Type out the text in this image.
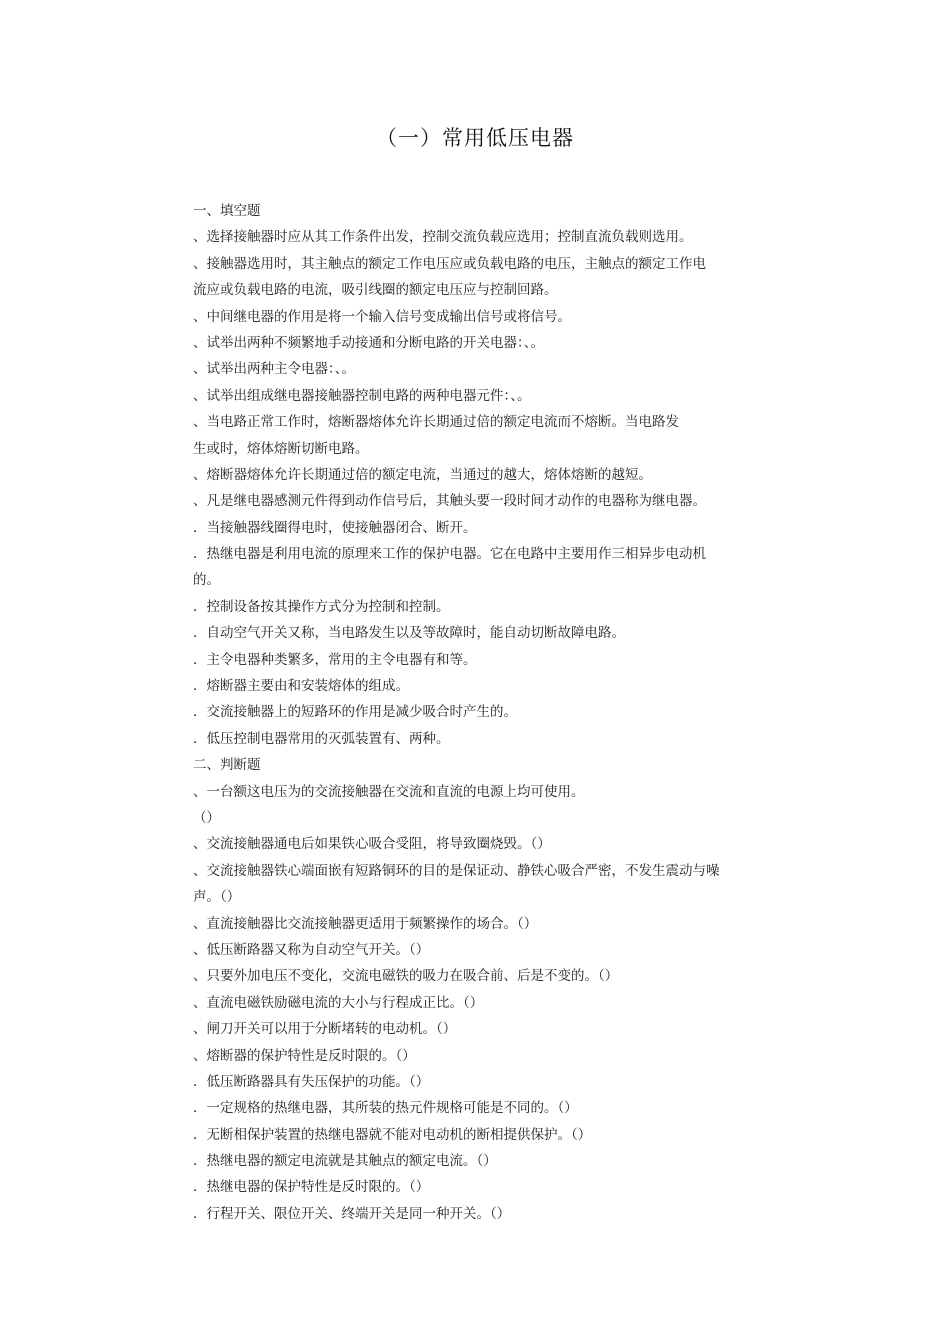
（一）常用低压电器
一、填空题
、选择接触器时应从其工作条件出发，控制交流负载应选用；控制直流负载则选用。
、接触器选用时，其主触点的额定工作电压应或负载电路的电压，主触点的额定工作电
流应或负载电路的电流，吸引线圈的额定电压应与控制回路。
、中间继电器的作用是将一个输入信号变成输出信号或将信号。
、试举出两种不频繁地手动接通和分断电路的开关电器：、。
、试举出两种主令电器：、。
、试举出组成继电器接触器控制电路的两种电器元件：、。
、当电路正常工作时，熔断器熔体允许长期通过倍的额定电流而不熔断。当电路发
生或时，熔体熔断切断电路。
、熔断器熔体允许长期通过倍的额定电流，当通过的越大，熔体熔断的越短。
、凡是继电器感测元件得到动作信号后，其触头要一段时间才动作的电器称为继电器。
．当接触器线圈得电时，使接触器闭合、断开。
．热继电器是利用电流的原理来工作的保护电器。它在电路中主要用作三相异步电动机
的。
．控制设备按其操作方式分为控制和控制。
．自动空气开关又称，当电路发生以及等故障时，能自动切断故障电路。
．主令电器种类繁多，常用的主令电器有和等。
．熔断器主要由和安装熔体的组成。
．交流接触器上的短路环的作用是减少吸合时产生的。
．低压控制电器常用的灭弧装置有、两种。
二、判断题
、一台额这电压为的交流接触器在交流和直流的电源上均可使用。
（）
、交流接触器通电后如果铁心吸合受阻，将导致圈烧毁。（）
、交流接触器铁心端面嵌有短路铜环的目的是保证动、静铁心吸合严密，不发生震动与噪
声。（）
、直流接触器比交流接触器更适用于频繁操作的场合。（）
、低压断路器又称为自动空气开关。（）
、只要外加电压不变化，交流电磁铁的吸力在吸合前、后是不变的。（）
、直流电磁铁励磁电流的大小与行程成正比。（）
、闸刀开关可以用于分断堵转的电动机。（）
、熔断器的保护特性是反时限的。（）
．低压断路器具有失压保护的功能。（）
．一定规格的热继电器，其所装的热元件规格可能是不同的。（）
．无断相保护装置的热继电器就不能对电动机的断相提供保护。（）
．热继电器的额定电流就是其触点的额定电流。（）
．热继电器的保护特性是反时限的。（）
．行程开关、限位开关、终端开关是同一种开关。（）
